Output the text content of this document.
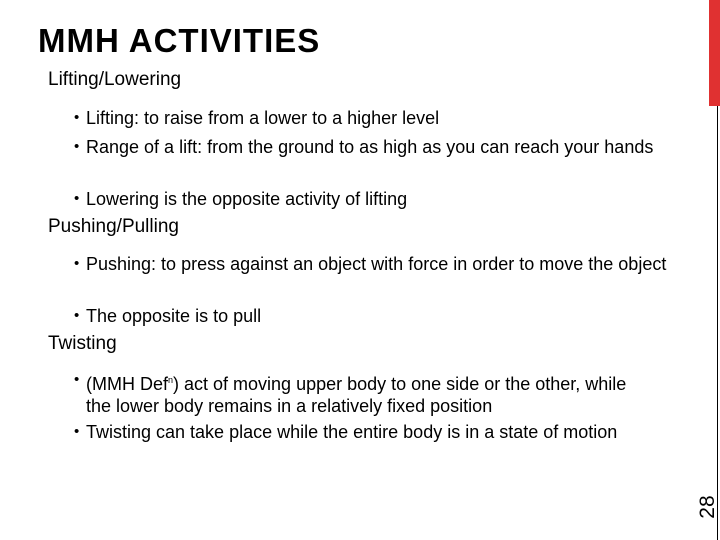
MMH ACTIVITIES
28
Lifting/Lowering
• Lifting: to raise from a lower to a higher level
• Range of a lift: from the ground to as high as you can reach your hands
• Lowering is the opposite activity of lifting
Pushing/Pulling
• Pushing: to press against an object with force in order to move the object
• The opposite is to pull
Twisting
• (MMH Def$^n$) act of moving upper body to one side or the other, while the lower body remains in a relatively fixed position
• Twisting can take place while the entire body is in a state of motion
